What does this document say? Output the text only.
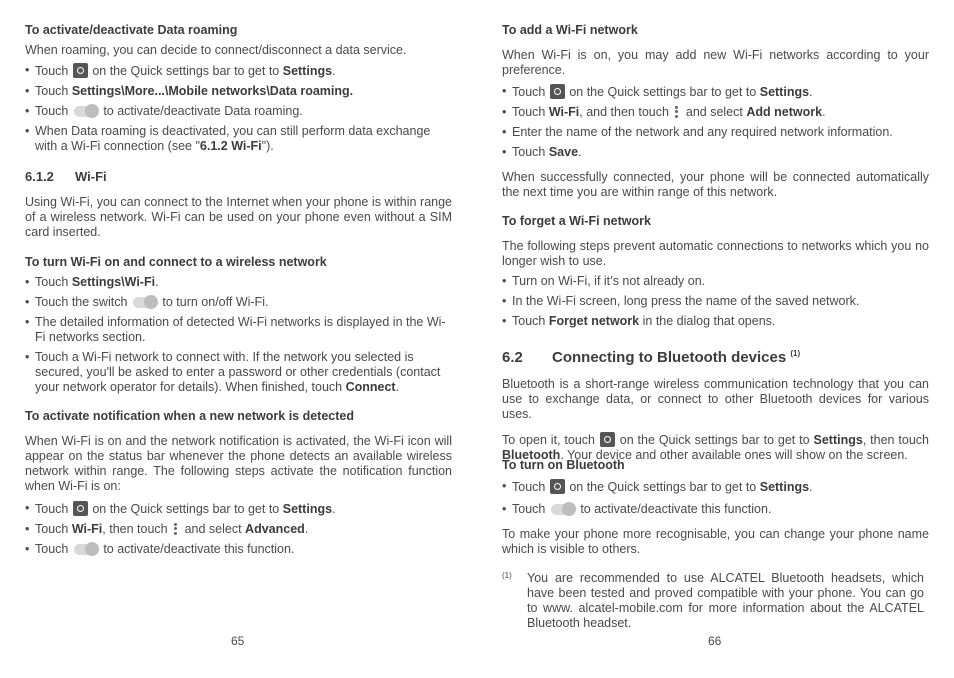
To activate/deactivate Data roaming

When roaming, you can decide to connect/disconnect a data service.

• Touch on the Quick settings bar to get to Settings.
• Touch Settings\More...\Mobile networks\Data roaming.
• Touch	to activate/deactivate Data roaming.
• When Data roaming is deactivated, you can still perform data exchange with a Wi-Fi connection (see "6.1.2 Wi-Fi").
6.1.2 Wi-Fi

Using Wi-Fi, you can connect to the Internet when your phone is within range of a wireless network. Wi-Fi can be used on your phone even without a SIM card inserted.

To turn Wi-Fi on and connect to a wireless network
• Touch Settings\Wi-Fi.
• Touch the switch	to turn on/off Wi-Fi.
• The detailed information of detected Wi-Fi networks is displayed in the Wi-Fi networks section.
• Touch a Wi-Fi network to connect with. If the network you selected is secured, you'll be asked to enter a password or other credentials (contact your network operator for details). When finished, touch Connect.
To activate notification when a new network is detected

When Wi-Fi is on and the network notification is activated, the Wi-Fi icon will appear on the status bar whenever the phone detects an available wireless network within range. The following steps activate the notification function when Wi-Fi is on:

• Touch on the Quick settings bar to get to Settings.
• Touch Wi-Fi, then touch and select Advanced.
• Touch	to activate/deactivate this function.
65
To add a Wi-Fi network

When Wi-Fi is on, you may add new Wi-Fi networks according to your preference.

• Touch on the Quick settings bar to get to Settings.
• Touch Wi-Fi, and then touch and select Add network.
• Enter the name of the network and any required network information.
• Touch Save.

When successfully connected, your phone will be connected automatically the next time you are within range of this network.

To forget a Wi-Fi network

The following steps prevent automatic connections to networks which you no longer wish to use.

• Turn on Wi-Fi, if it’s not already on.
• In the Wi-Fi screen, long press the name of the saved network.
• Touch Forget network in the dialog that opens.
6.2 Connecting to Bluetooth devices $^{(1)}$

Bluetooth is a short-range wireless communication technology that you can use to exchange data, or connect to other Bluetooth devices for various uses.

To open it, touch on the Quick settings bar to get to Settings, then touch Bluetooth. Your device and other available ones will show on the screen.

To turn on Bluetooth
• Touch on the Quick settings bar to get to Settings.
• Touch	to activate/deactivate this function.

To make your phone more recognisable, you can change your phone name which is visible to others.

(1) You are recommended to use ALCATEL Bluetooth headsets, which have been tested and proved compatible with your phone. You can go to www. alcatel-mobile.com for more information about the ALCATEL Bluetooth headset.
66
